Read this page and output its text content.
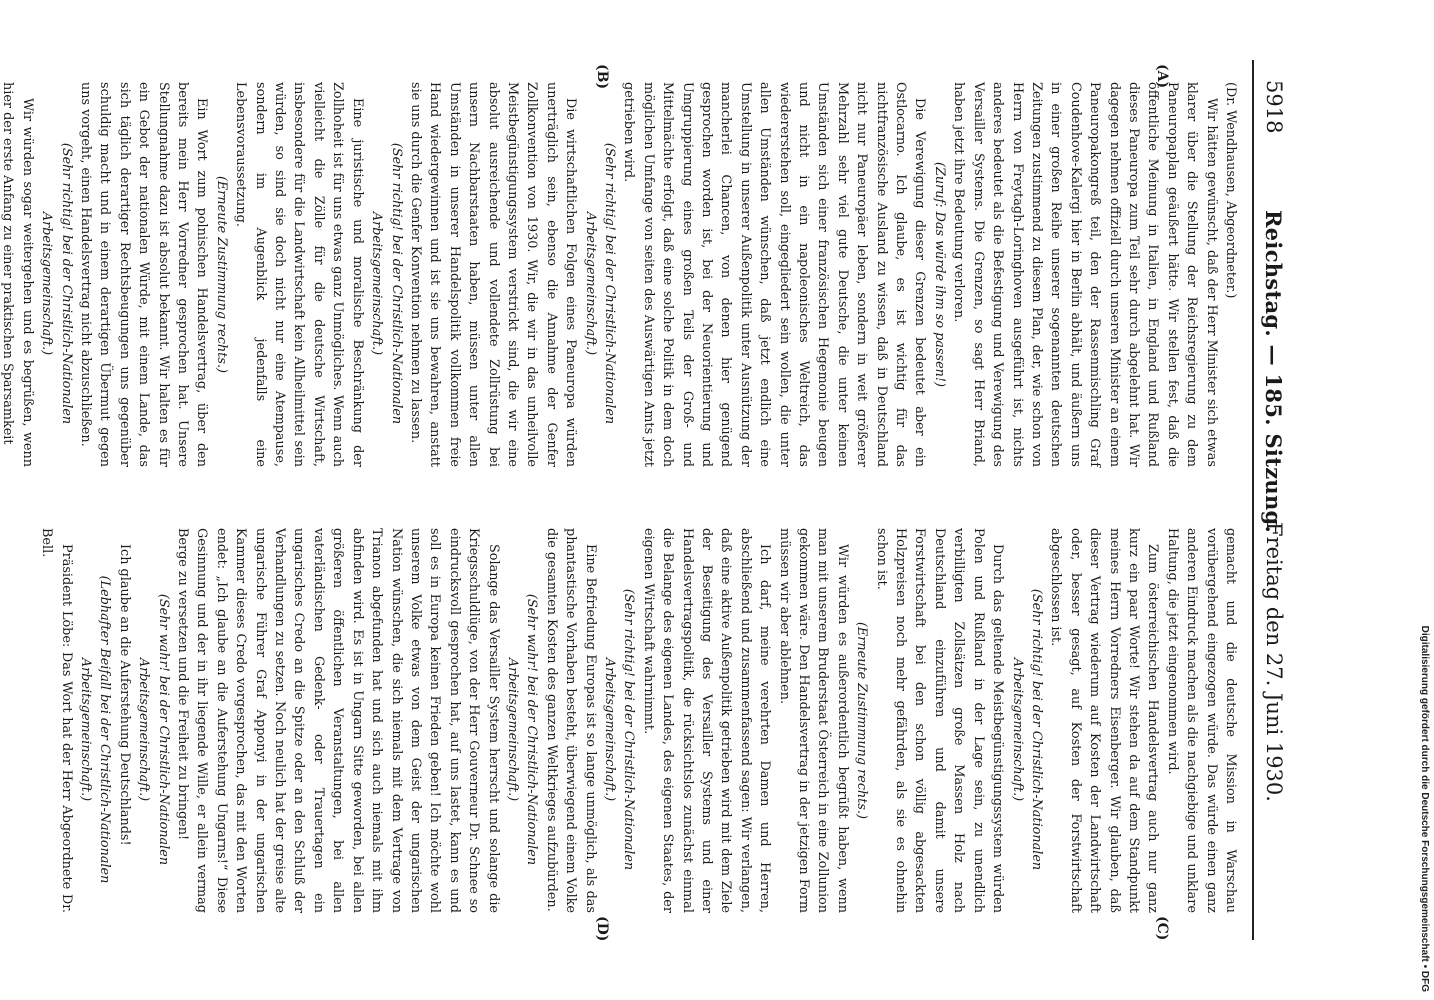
5918
Reichstag. — 185. Sitzung.
Freitag den 27. Juni 1930.
(A)
(B)
(C)
(D)

(Dr. Wendhausen, Abgeordneter.)

Wir hätten gewünscht, daß der Herr Minister sich etwas klarer über die Stellung der Reichsregierung zu dem Paneuropaplan geäußert hätte. Wir stellen fest, daß die öffentliche Meinung in Italien, in England und Rußland dieses Paneuropa zum Teil sehr durch abgelehnt hat. Wir dagegen nehmen offiziell durch unseren Minister an einem Paneuropakongreß teil, den der Rassenmischling Graf Coudenhove-Kalergi hier in Berlin abhält, und äußern uns in einer großen Reihe unserer sogenannten deutschen Zeitungen zustimmend zu diesem Plan, der, wie schon von Herrn von Freytagh-Loringhoven ausgeführt ist, nichts anderes bedeutet als die Befestigung und Verewigung des Versailler Systems. Die Grenzen, so sagt Herr Briand, haben jetzt ihre Bedeutung verloren.

(Zuruf: Das würde ihm so passen!)

Die Verewigung dieser Grenzen bedeutet aber ein Ostlocarno. Ich glaube, es ist wichtig für das nichtfranzösische Ausland zu wissen, daß in Deutschland nicht nur Paneuropäer leben, sondern in weit größerer Mehrzahl sehr viel gute Deutsche, die unter keinen Umständen sich einer französischen Hegemonie beugen und nicht in ein napoleonisches Weltreich, das wiedererstehen soll, eingegliedert sein wollen, die unter allen Umständen wünschen, daß jetzt endlich eine Umstellung in unserer Außenpolitik unter Ausnützung der mancherlei Chancen, von denen hier genügend gesprochen worden ist, bei der Neuorientierung und Umgruppierung eines großen Teils der Groß- und Mittelmächte erfolgt, daß eine solche Politik in dem doch möglichen Umfange von seiten des Auswärtigen Amts jetzt getrieben wird.

(Sehr richtig! bei der Christlich-Nationalen Arbeitsgemeinschaft.)

Die wirtschaftlichen Folgen eines Paneuropa würden unerträglich sein, ebenso die Annahme der Genfer Zollkonvention von 1930. Wir, die wir in das unheilvolle Meistbegünstigungssystem verstrickt sind, die wir eine absolut ausreichende und vollendete Zollrüstung bei unsern Nachbarstaaten haben, müssen unter allen Umständen in unserer Handelspolitik vollkommen freie Hand wiedergewinnen und ist sie uns bewahren, anstatt sie uns durch die Genfer Konvention nehmen zu lassen.

(Sehr richtig! bei der Christlich-Nationalen Arbeitsgemeinschaft.)

Eine juristische und moralische Beschränkung der Zollhoheit ist für uns etwas ganz Unmögliches. Wenn auch vielleicht die Zölle für die deutsche Wirtschaft, insbesondere für die Landwirtschaft kein Allheilmittel sein würden, so sind sie doch nicht nur eine Atempause, sondern im Augenblick jedenfalls eine Lebensvoraussetzung.

(Erneute Zustimmung rechts.)

Ein Wort zum polnischen Handelsvertrag, über den bereits mein Herr Vorredner gesprochen hat. Unsere Stellungnahme dazu ist absolut bekannt. Wir halten es für ein Gebot der nationalen Würde, mit einem Lande, das sich täglich derartiger Rechtsbeugungen uns gegenüber schuldig macht und in einem derartigen Übermut gegen uns vorgeht, einen Handelsvertrag nicht abzuschließen.

(Sehr richtig! bei der Christlich-Nationalen Arbeitsgemeinschaft.)

Wir würden sogar weitergehen und es begrüßen, wenn hier der erste Anfang zu einer praktischen Sparsamkeit

gemacht und die deutsche Mission in Warschau vorübergehend eingezogen würde. Das würde einen ganz anderen Eindruck machen als die nachgiebige und unklare Haltung, die jetzt eingenommen wird.

Zum österreichischen Handelsvertrag auch nur ganz kurz ein paar Worte! Wir stehen da auf dem Standpunkt meines Herrn Vorredners Eisenberger. Wir glauben, daß dieser Vertrag wiederum auf Kosten der Landwirtschaft oder, besser gesagt, auf Kosten der Forstwirtschaft abgeschlossen ist.

(Sehr richtig! bei der Christlich-Nationalen Arbeitsgemeinschaft.)

Durch das geltende Meistbegünstigungssystem würden Polen und Rußland in der Lage sein, zu unendlich verbilligten Zollsätzen große Massen Holz nach Deutschland einzuführen und damit unsere Forstwirtschaft bei den schon völlig abgesackten Holzpreisen noch mehr gefährden, als sie es ohnehin schon ist.

(Erneute Zustimmung rechts.)

Wir würden es außerordentlich begrüßt haben, wenn man mit unserem Bruderstaat Österreich in eine Zollunion gekommen wäre. Den Handelsvertrag in der jetzigen Form müssen wir aber ablehnen.

Ich darf, meine verehrten Damen und Herren, abschließend und zusammenfassend sagen: Wir verlangen, daß eine aktive Außenpolitik getrieben wird mit dem Ziele der Beseitigung des Versailler Systems und einer Handelsvertragspolitik, die rücksichtslos zunächst einmal die Belange des eigenen Landes, des eigenen Staates, der eigenen Wirtschaft wahrnimmt.

(Sehr richtig! bei der Christlich-Nationalen Arbeitsgemeinschaft.)

Eine Befriedung Europas ist so lange unmöglich, als das phantastische Vorhaben besteht, überwiegend einem Volke die gesamten Kosten des ganzen Weltkrieges aufzubürden.

(Sehr wahr! bei der Christlich-Nationalen Arbeitsgemeinschaft.)

Solange das Versailler System herrscht und solange die Kriegsschuldlüge, von der Herr Gouverneur Dr. Schnee so eindrucksvoll gesprochen hat, auf uns lastet, kann es und soll es in Europa keinen Frieden geben! Ich möchte wohl unserem Volke etwas von dem Geist der ungarischen Nation wünschen, die sich niemals mit dem Vertrage von Trianon abgefunden hat und sich auch niemals mit ihm abfinden wird. Es ist in Ungarn Sitte geworden, bei allen größeren öffentlichen Veranstaltungen, bei allen vaterländischen Gedenk- oder Trauertagen ein ungarisches Credo an die Spitze oder an den Schluß der Verhandlungen zu setzen. Noch neulich hat der greise alte ungarische Führer Graf Apponyi in der ungarischen Kammer dieses Credo vorgesprochen, das mit den Worten endet: „Ich glaube an die Auferstehung Ungarns!“ Diese Gesinnung und der in ihr liegende Wille, er allein vermag Berge zu versetzen und die Freiheit zu bringen!

(Sehr wahr! bei der Christlich-Nationalen Arbeitsgemeinschaft.)

Ich glaube an die Auferstehung Deutschlands!

(Lebhafter Beifall bei der Christlich-Nationalen Arbeitsgemeinschaft.)

Präsident Löbe: Das Wort hat der Herr Abgeordnete Dr. Bell.

Digitalisierung gefördert durch die Deutsche Forschungsgemeinschaft • DFG
